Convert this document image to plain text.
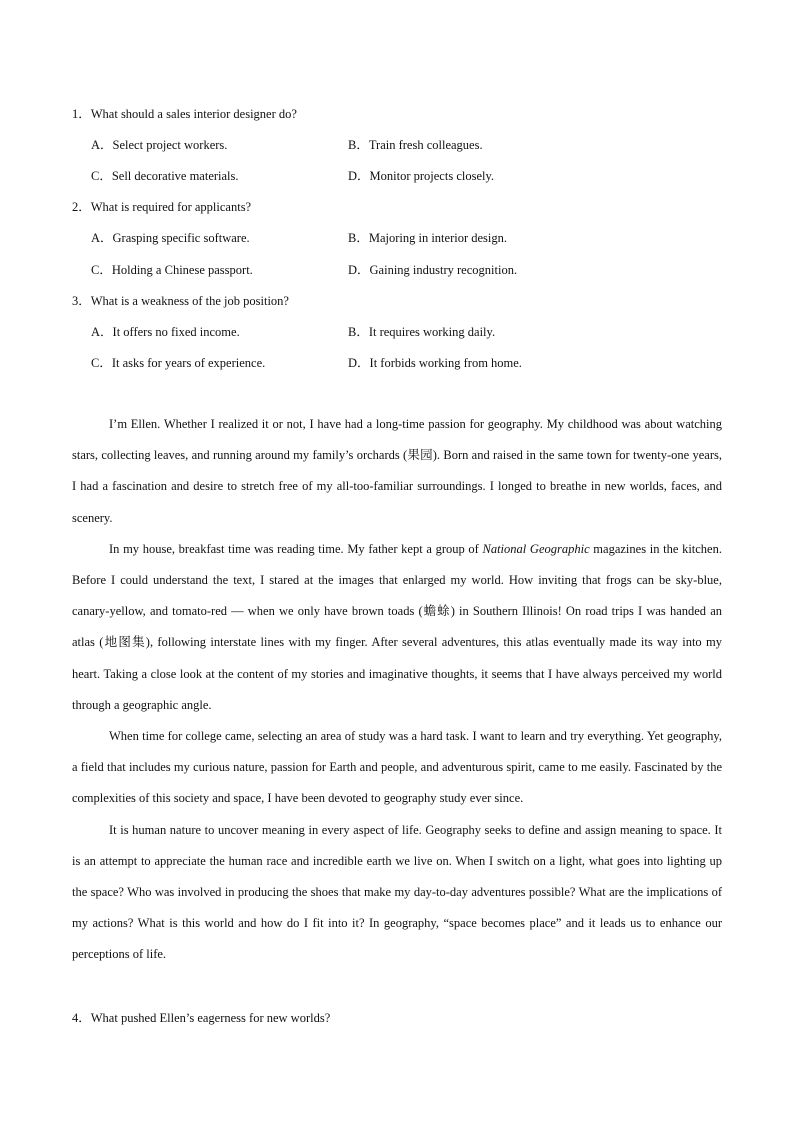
1．What should a sales interior designer do?
A．Select project workers.	B．Train fresh colleagues.
C．Sell decorative materials.	D．Monitor projects closely.
2．What is required for applicants?
A．Grasping specific software.	B．Majoring in interior design.
C．Holding a Chinese passport.	D．Gaining industry recognition.
3．What is a weakness of the job position?
A．It offers no fixed income.	B．It requires working daily.
C．It asks for years of experience.	D．It forbids working from home.

I’m Ellen. Whether I realized it or not, I have had a long-time passion for geography. My childhood was about watching stars, collecting leaves, and running around my family’s orchards (果园). Born and raised in the same town for twenty-one years, I had a fascination and desire to stretch free of my all-too-familiar surroundings. I longed to breathe in new worlds, faces, and scenery.

In my house, breakfast time was reading time. My father kept a group of National Geographic magazines in the kitchen. Before I could understand the text, I stared at the images that enlarged my world. How inviting that frogs can be sky-blue, canary-yellow, and tomato-red — when we only have brown toads (蟾蜍) in Southern Illinois! On road trips I was handed an atlas (地图集), following interstate lines with my finger. After several adventures, this atlas eventually made its way into my heart. Taking a close look at the content of my stories and imaginative thoughts, it seems that I have always perceived my world through a geographic angle.

When time for college came, selecting an area of study was a hard task. I want to learn and try everything. Yet geography, a field that includes my curious nature, passion for Earth and people, and adventurous spirit, came to me easily. Fascinated by the complexities of this society and space, I have been devoted to geography study ever since.

It is human nature to uncover meaning in every aspect of life. Geography seeks to define and assign meaning to space. It is an attempt to appreciate the human race and incredible earth we live on. When I switch on a light, what goes into lighting up the space? Who was involved in producing the shoes that make my day-to-day adventures possible? What are the implications of my actions? What is this world and how do I fit into it? In geography, “space becomes place” and it leads us to enhance our perceptions of life.

4．What pushed Ellen’s eagerness for new worlds?
